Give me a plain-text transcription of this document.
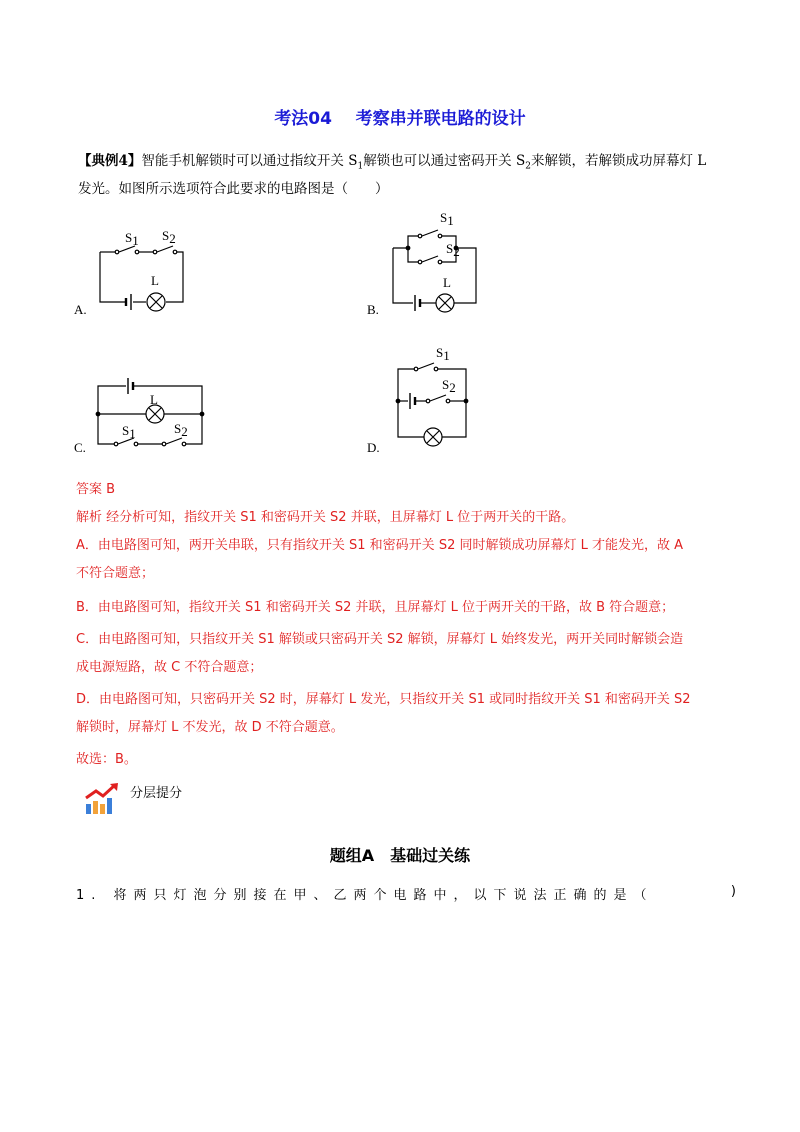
考法04 考察串并联电路的设计
【典例4】智能手机解锁时可以通过指纹开关 $S_1$解锁也可以通过密码开关 $S_2$来解锁，若解锁成功屏幕灯 L
发光。如图所示选项符合此要求的电路图是（　　）
A.
S1 S2
L
B.
S1
S2
L
C.
L
S1	S2
D.
S1
S2
答案 B
解析 经分析可知，指纹开关 S1 和密码开关 S2 并联，且屏幕灯 L 位于两开关的干路。
A．由电路图可知，两开关串联，只有指纹开关 S1 和密码开关 S2 同时解锁成功屏幕灯 L 才能发光，故 A
不符合题意；
B．由电路图可知，指纹开关 S1 和密码开关 S2 并联，且屏幕灯 L 位于两开关的干路，故 B 符合题意；
C．由电路图可知，只指纹开关 S1 解锁或只密码开关 S2 解锁，屏幕灯 L 始终发光，两开关同时解锁会造
成电源短路，故 C 不符合题意；
D．由电路图可知，只密码开关 S2 时，屏幕灯 L 发光，只指纹开关 S1 或同时指纹开关 S1 和密码开关 S2
解锁时，屏幕灯 L 不发光，故 D 不符合题意。
故选：B。
分层提分
题组A　基础过关练
1. 将两只灯泡分别接在甲、乙两个电路中，以下说法正确的是（	)
